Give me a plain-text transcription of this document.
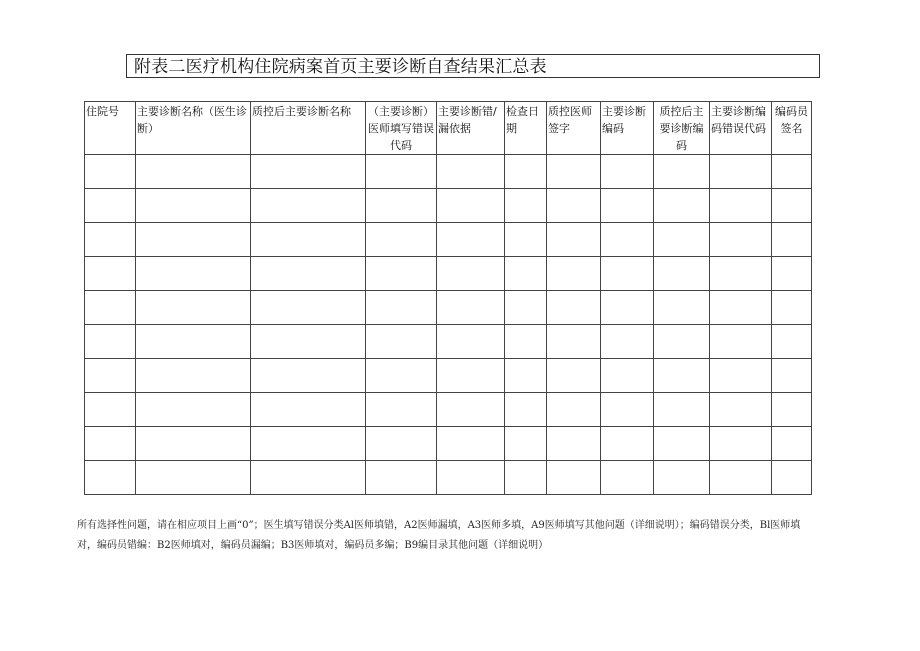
附表二医疗机构住院病案首页主要诊断自查结果汇总表
住院号	主要诊断名称（医生诊断）	质控后主要诊断名称	（主要诊断）医师填写错误代码	主要诊断错/漏依据	检查日期	质控医师签字	主要诊断编码	质控后主要诊断编码	主要诊断编码错误代码	编码员签名

所有选择性问题，请在相应项目上画“0”；医生填写错误分类Al医师填错，A2医师漏填，A3医师多填，A9医师填写其他问题（详细说明）；编码错误分类，Bl医师填对，编码员错编：B2医师填对，编码员漏编；B3医师填对，编码员多编；B9编目录其他问题（详细说明）
